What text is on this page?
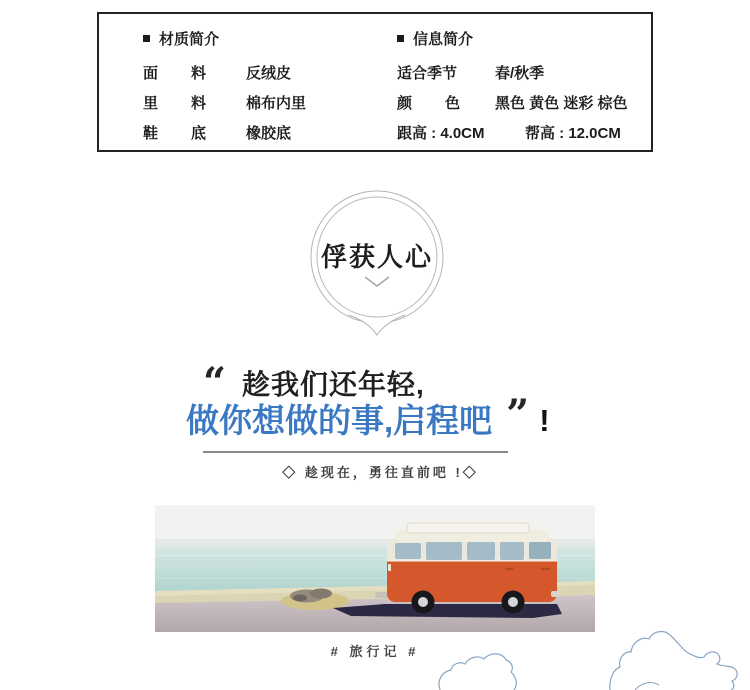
材质简介
面　料 反绒皮
里　料 棉布内里
鞋　底 橡胶底
信息简介
适合季节	春/秋季
颜　色 黑色 黄色 迷彩 棕色
跟高 : 4.0CM	帮高 : 12.0CM
俘获人心
“ 趁我们还年轻,
做你想做的事,启程吧 ” !
◇ 趁现在，勇往直前吧 !◇
# 旅行记 #
